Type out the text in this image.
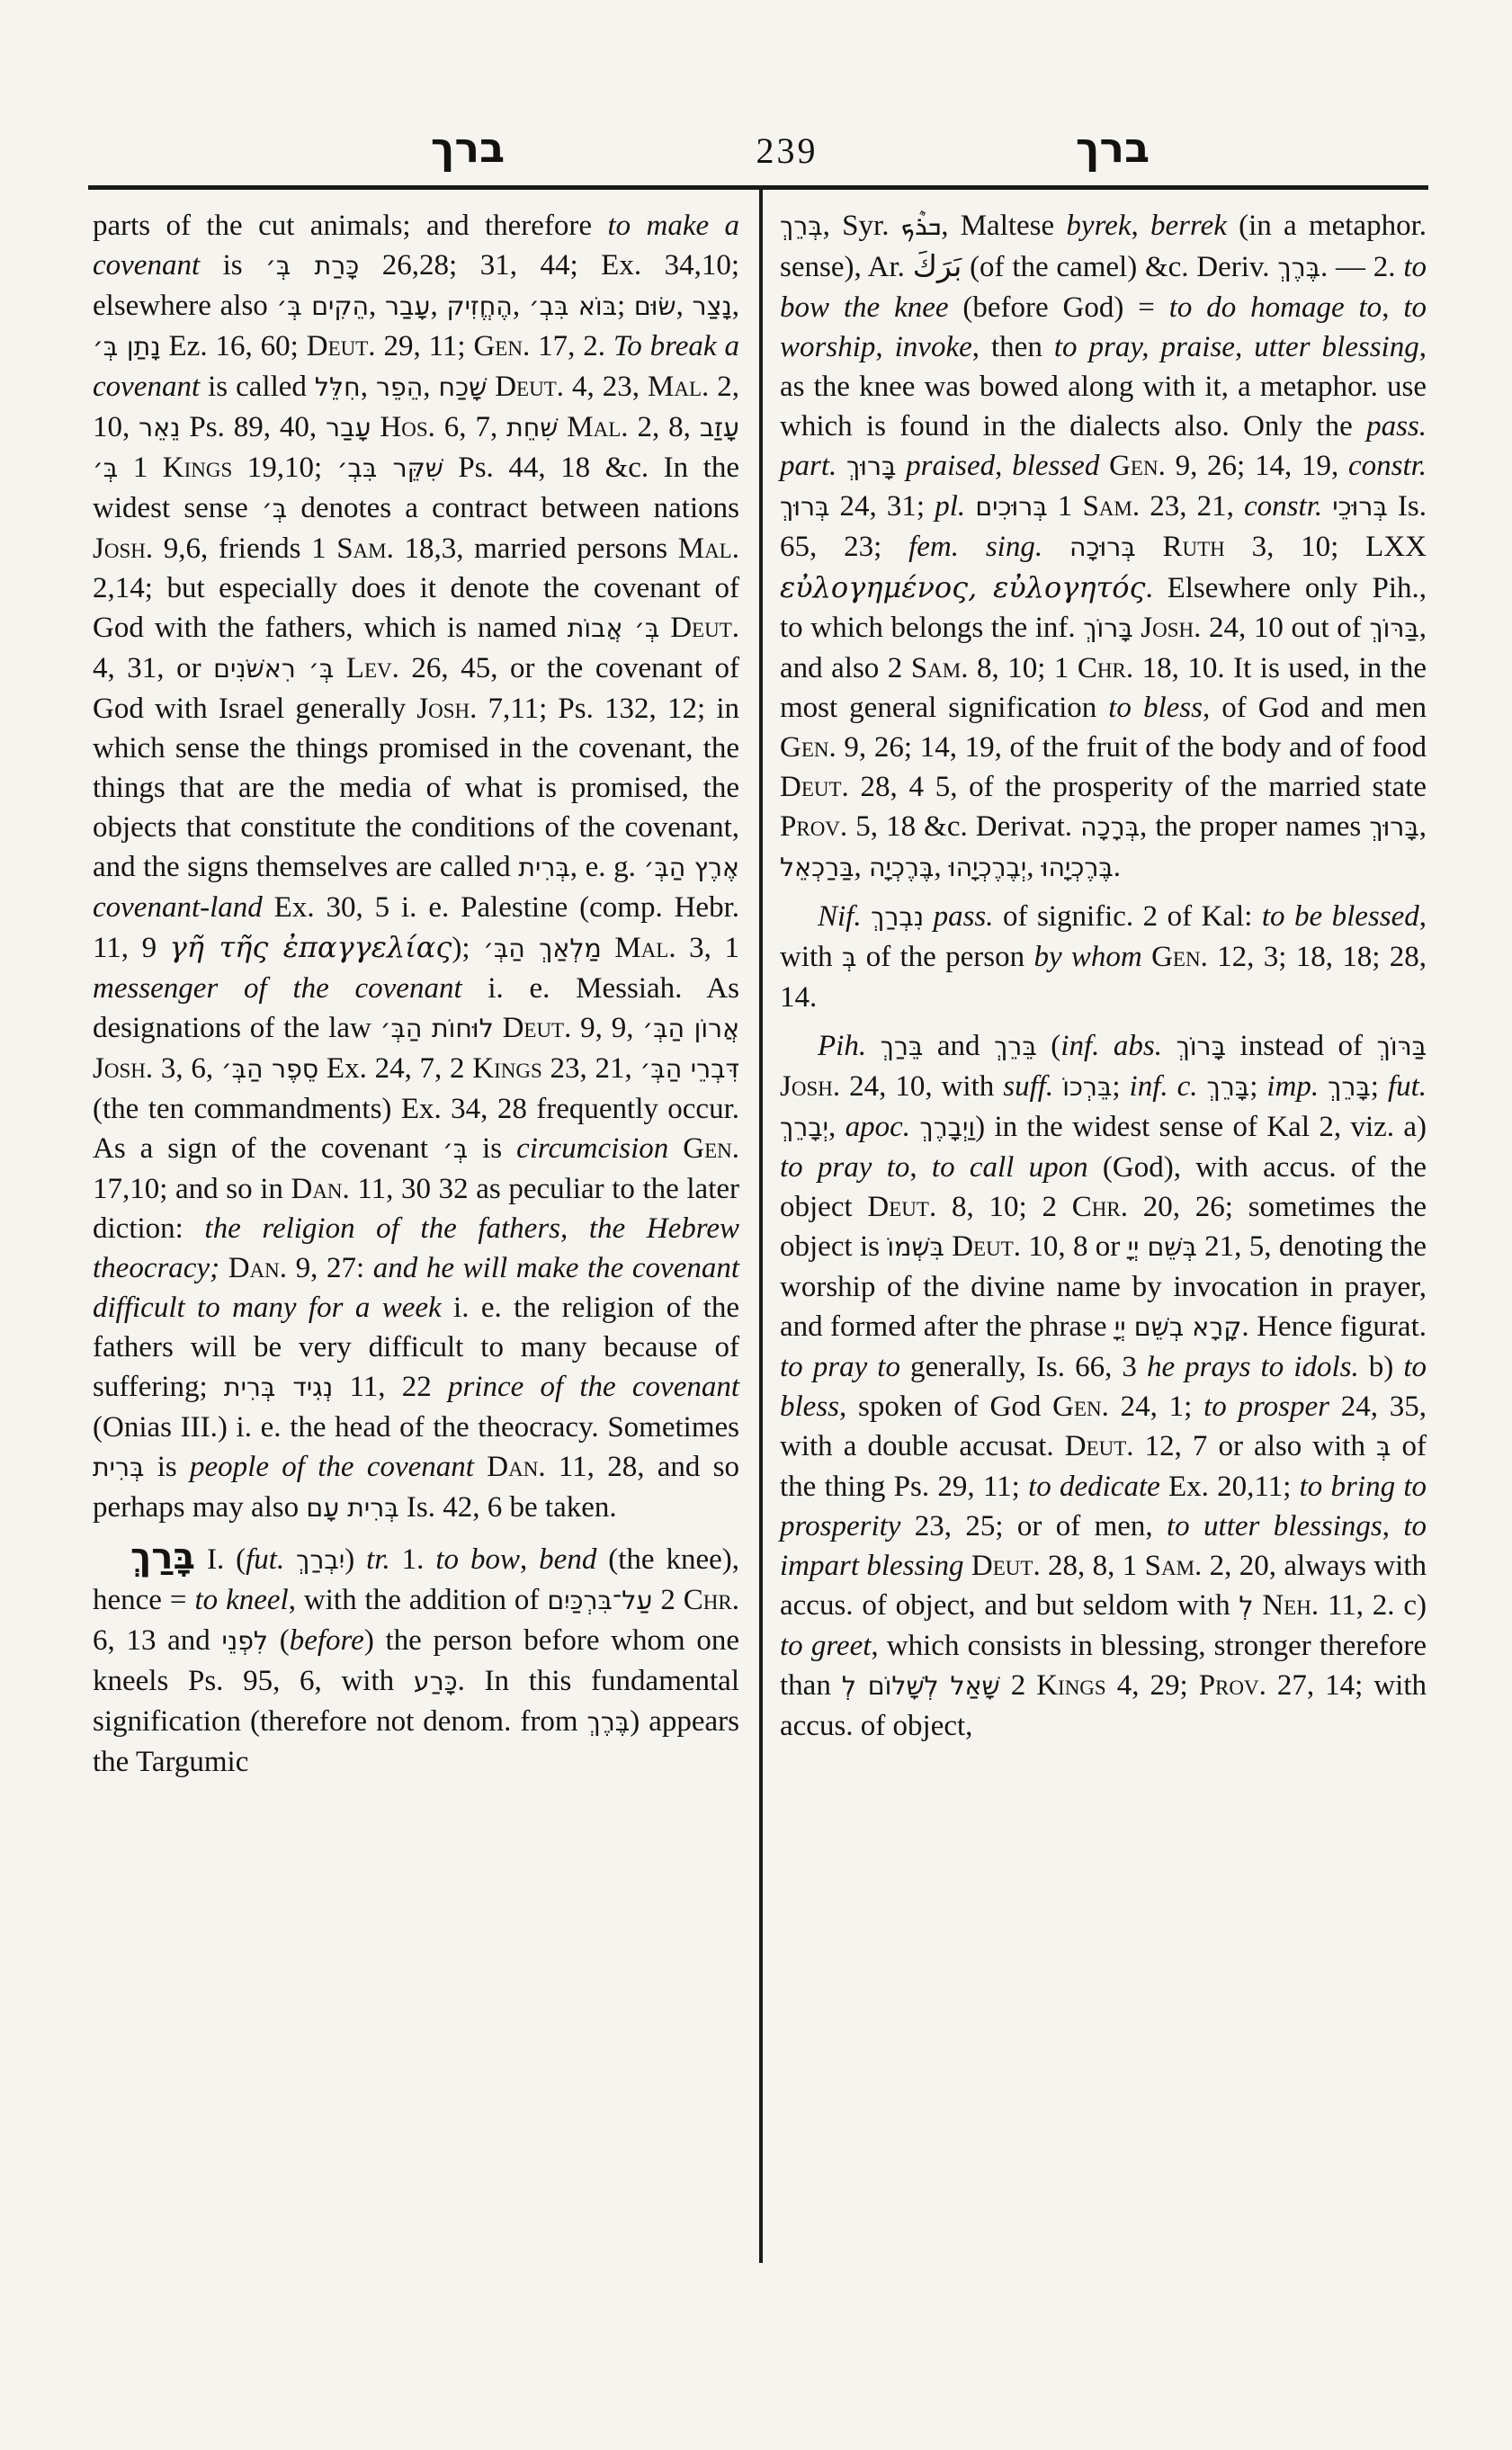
ברך	239	ברך

parts of the cut animals; and therefore to make a covenant is כָּרַת בְּ׳ 26,28; 31, 44; Ex. 34,10; elsewhere also הֵקִים בְּ׳, עָבַר, הֶחֱזִיק, בּוֹא בִּבְ׳; שׂוּם, נָצַר, נָתַן בְּ׳ Ez. 16, 60; Deut. 29, 11; Gen. 17, 2. To break a covenant is called חִלֵּל, הֵפֵר, שָׁכַח Deut. 4, 23, Mal. 2, 10, נֵאֵר Ps. 89, 40, עָבַר Hos. 6, 7, שִׁחֵת Mal. 2, 8, עָזַב בְּ׳ 1 Kings 19,10; שִׁקֵּר בִּבְ׳ Ps. 44, 18 &c. In the widest sense בְּ׳ denotes a contract between nations Josh. 9,6, friends 1 Sam. 18,3, married persons Mal. 2,14; but especially does it denote the covenant of God with the fathers, which is named בְּ׳ אֲבוֹת Deut. 4, 31, or בְּ׳ רִאשֹׁנִים Lev. 26, 45, or the covenant of God with Israel generally Josh. 7,11; Ps. 132, 12; in which sense the things promised in the covenant, the things that are the media of what is promised, the objects that constitute the conditions of the covenant, and the signs themselves are called בְּרִית, e. g. אֶרֶץ הַבְּ׳ covenant-land Ex. 30, 5 i. e. Palestine (comp. Hebr. 11, 9 γῆ τῆς ἐπαγγελίας); מַלְאַךְ הַבְּ׳ Mal. 3, 1 messenger of the covenant i. e. Messiah. As designations of the law לוּחוֹת הַבְּ׳ Deut. 9, 9, אֲרוֹן הַבְּ׳ Josh. 3, 6, סֵפֶר הַבְּ׳ Ex. 24, 7, 2 Kings 23, 21, דִּבְרֵי הַבְּ׳ (the ten commandments) Ex. 34, 28 frequently occur. As a sign of the covenant בְּ׳ is circumcision Gen. 17,10; and so in Dan. 11, 30 32 as peculiar to the later diction: the religion of the fathers, the Hebrew theocracy; Dan. 9, 27: and he will make the covenant difficult to many for a week i. e. the religion of the fathers will be very difficult to many because of suffering; נְגִיד בְּרִית 11, 22 prince of the covenant (Onias III.) i. e. the head of the theocracy. Sometimes בְּרִית is people of the covenant Dan. 11, 28, and so perhaps may also בְּרִית עָם Is. 42, 6 be taken.

בָּרַךְ I. (fut. יִבְרַךְ) tr. 1. to bow, bend (the knee), hence = to kneel, with the addition of עַל־בִּרְכַּיִם 2 Chr. 6, 13 and לִפְנֵי (before) the person before whom one kneels Ps. 95, 6, with כָּרַע. In this fundamental signification (therefore not denom. from בֶּרֶךְ) appears the Targumic

בְּרֵךְ, Syr. ܒܪܶܟ, Maltese byrek, berrek (in a metaphor. sense), Ar. بَرَكَ (of the camel) &c. Deriv. בֶּרֶךְ. — 2. to bow the knee (before God) = to do homage to, to worship, invoke, then to pray, praise, utter blessing, as the knee was bowed along with it, a metaphor. use which is found in the dialects also. Only the pass. part. בָּרוּךְ praised, blessed Gen. 9, 26; 14, 19, constr. בְּרוּךְ 24, 31; pl. בְּרוּכִים 1 Sam. 23, 21, constr. בְּרוּכֵי Is. 65, 23; fem. sing. בְּרוּכָה Ruth 3, 10; LXX εὐλογημένος, εὐλογητός. Elsewhere only Pih., to which belongs the inf. בָּרוֹךְ Josh. 24, 10 out of בַּרּוֹךְ, and also 2 Sam. 8, 10; 1 Chr. 18, 10. It is used, in the most general signification to bless, of God and men Gen. 9, 26; 14, 19, of the fruit of the body and of food Deut. 28, 4 5, of the prosperity of the married state Prov. 5, 18 &c. Derivat. בְּרָכָה, the proper names בָּרוּךְ, בַּרַכְאֵל, בֶּרֶכְיָה, יְבֶרֶכְיָהוּ, בֶּרֶכְיָהוּ.

Nif. נִבְרַךְ pass. of signific. 2 of Kal: to be blessed, with בְּ of the person by whom Gen. 12, 3; 18, 18; 28, 14.

Pih. בֵּרַךְ and בֵּרֵךְ (inf. abs. בָּרוֹךְ instead of בַּרּוֹךְ Josh. 24, 10, with suff. בֵּרְכוֹ; inf. c. בָּרֵךְ; imp. בָּרֵךְ; fut. יְבָרֵךְ, apoc. וַיְבָרֶךְ) in the widest sense of Kal 2, viz. a) to pray to, to call upon (God), with accus. of the object Deut. 8, 10; 2 Chr. 20, 26; sometimes the object is בִּשְׁמוֹ Deut. 10, 8 or בְּשֵׁם יְיָ 21, 5, denoting the worship of the divine name by invocation in prayer, and formed after the phrase קָרָא בְשֵׁם יְיָ. Hence figurat. to pray to generally, Is. 66, 3 he prays to idols. b) to bless, spoken of God Gen. 24, 1; to prosper 24, 35, with a double accusat. Deut. 12, 7 or also with בְּ of the thing Ps. 29, 11; to dedicate Ex. 20,11; to bring to prosperity 23, 25; or of men, to utter blessings, to impart blessing Deut. 28, 8, 1 Sam. 2, 20, always with accus. of object, and but seldom with לְ Neh. 11, 2. c) to greet, which consists in blessing, stronger therefore than שָׁאַל לְשָׁלוֹם לְ 2 Kings 4, 29; Prov. 27, 14; with accus. of object,
